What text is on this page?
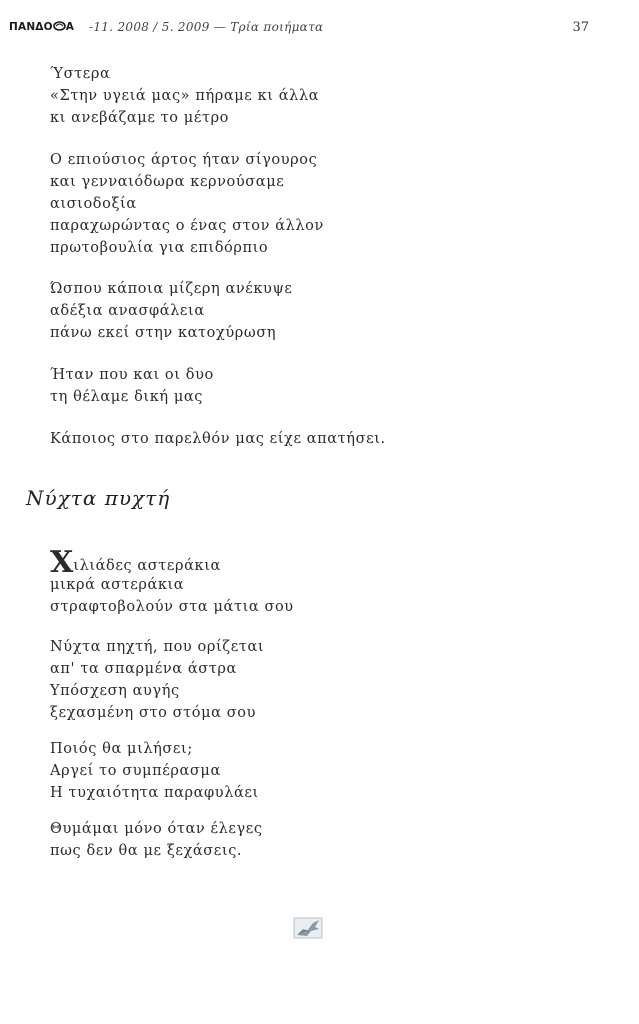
ΠΑΝΔΟ Α -11. 2008 / 5. 2009 — Τρία ποιήματα	37
Ύστερα
«Στην υγειά μας» πήραμε κι άλλα
κι ανεβάζαμε το μέτρο
Ο επιούσιος άρτος ήταν σίγουρος
και γενναιόδωρα κερνούσαμε
αισιοδοξία
παραχωρώντας ο ένας στον άλλον
πρωτοβουλία για επιδόρπιο
Ώσπου κάποια μίζερη ανέκυψε
αδέξια ανασφάλεια
πάνω εκεί στην κατοχύρωση
Ήταν που και οι δυο
τη θέλαμε δική μας
Κάποιος στο παρελθόν μας είχε απατήσει.
Νύχτα πυχτή
Χιλιάδες αστεράκια
μικρά αστεράκια
στραφτοβολούν στα μάτια σου
Νύχτα πηχτή, που ορίζεται
απ' τα σπαρμένα άστρα
Υπόσχεση αυγής
ξεχασμένη στο στόμα σου
Ποιός θα μιλήσει;
Αργεί το συμπέρασμα
Η τυχαιότητα παραφυλάει
Θυμάμαι μόνο όταν έλεγες
πως δεν θα με ξεχάσεις.
